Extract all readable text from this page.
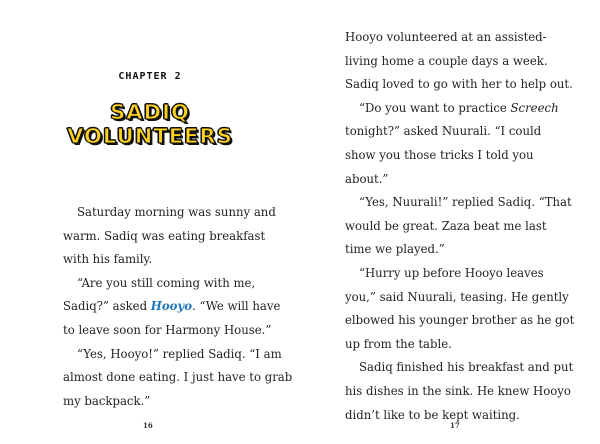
CHAPTER 2
SADIQ
VOLUNTEERS
Saturday morning was sunny and
warm. Sadiq was eating breakfast
with his family.
“Are you still coming with me,
Sadiq?” asked Hooyo. “We will have
to leave soon for Harmony House.”
“Yes, Hooyo!” replied Sadiq. “I am
almost done eating. I just have to grab
my backpack.”
Hooyo volunteered at an assisted-
living home a couple days a week.
Sadiq loved to go with her to help out.
“Do you want to practice Screech
tonight?” asked Nuurali. “I could
show you those tricks I told you
about.”
“Yes, Nuurali!” replied Sadiq. “That
would be great. Zaza beat me last
time we played.”
“Hurry up before Hooyo leaves
you,” said Nuurali, teasing. He gently
elbowed his younger brother as he got
up from the table.
Sadiq finished his breakfast and put
his dishes in the sink. He knew Hooyo
didn’t like to be kept waiting.
16	17
